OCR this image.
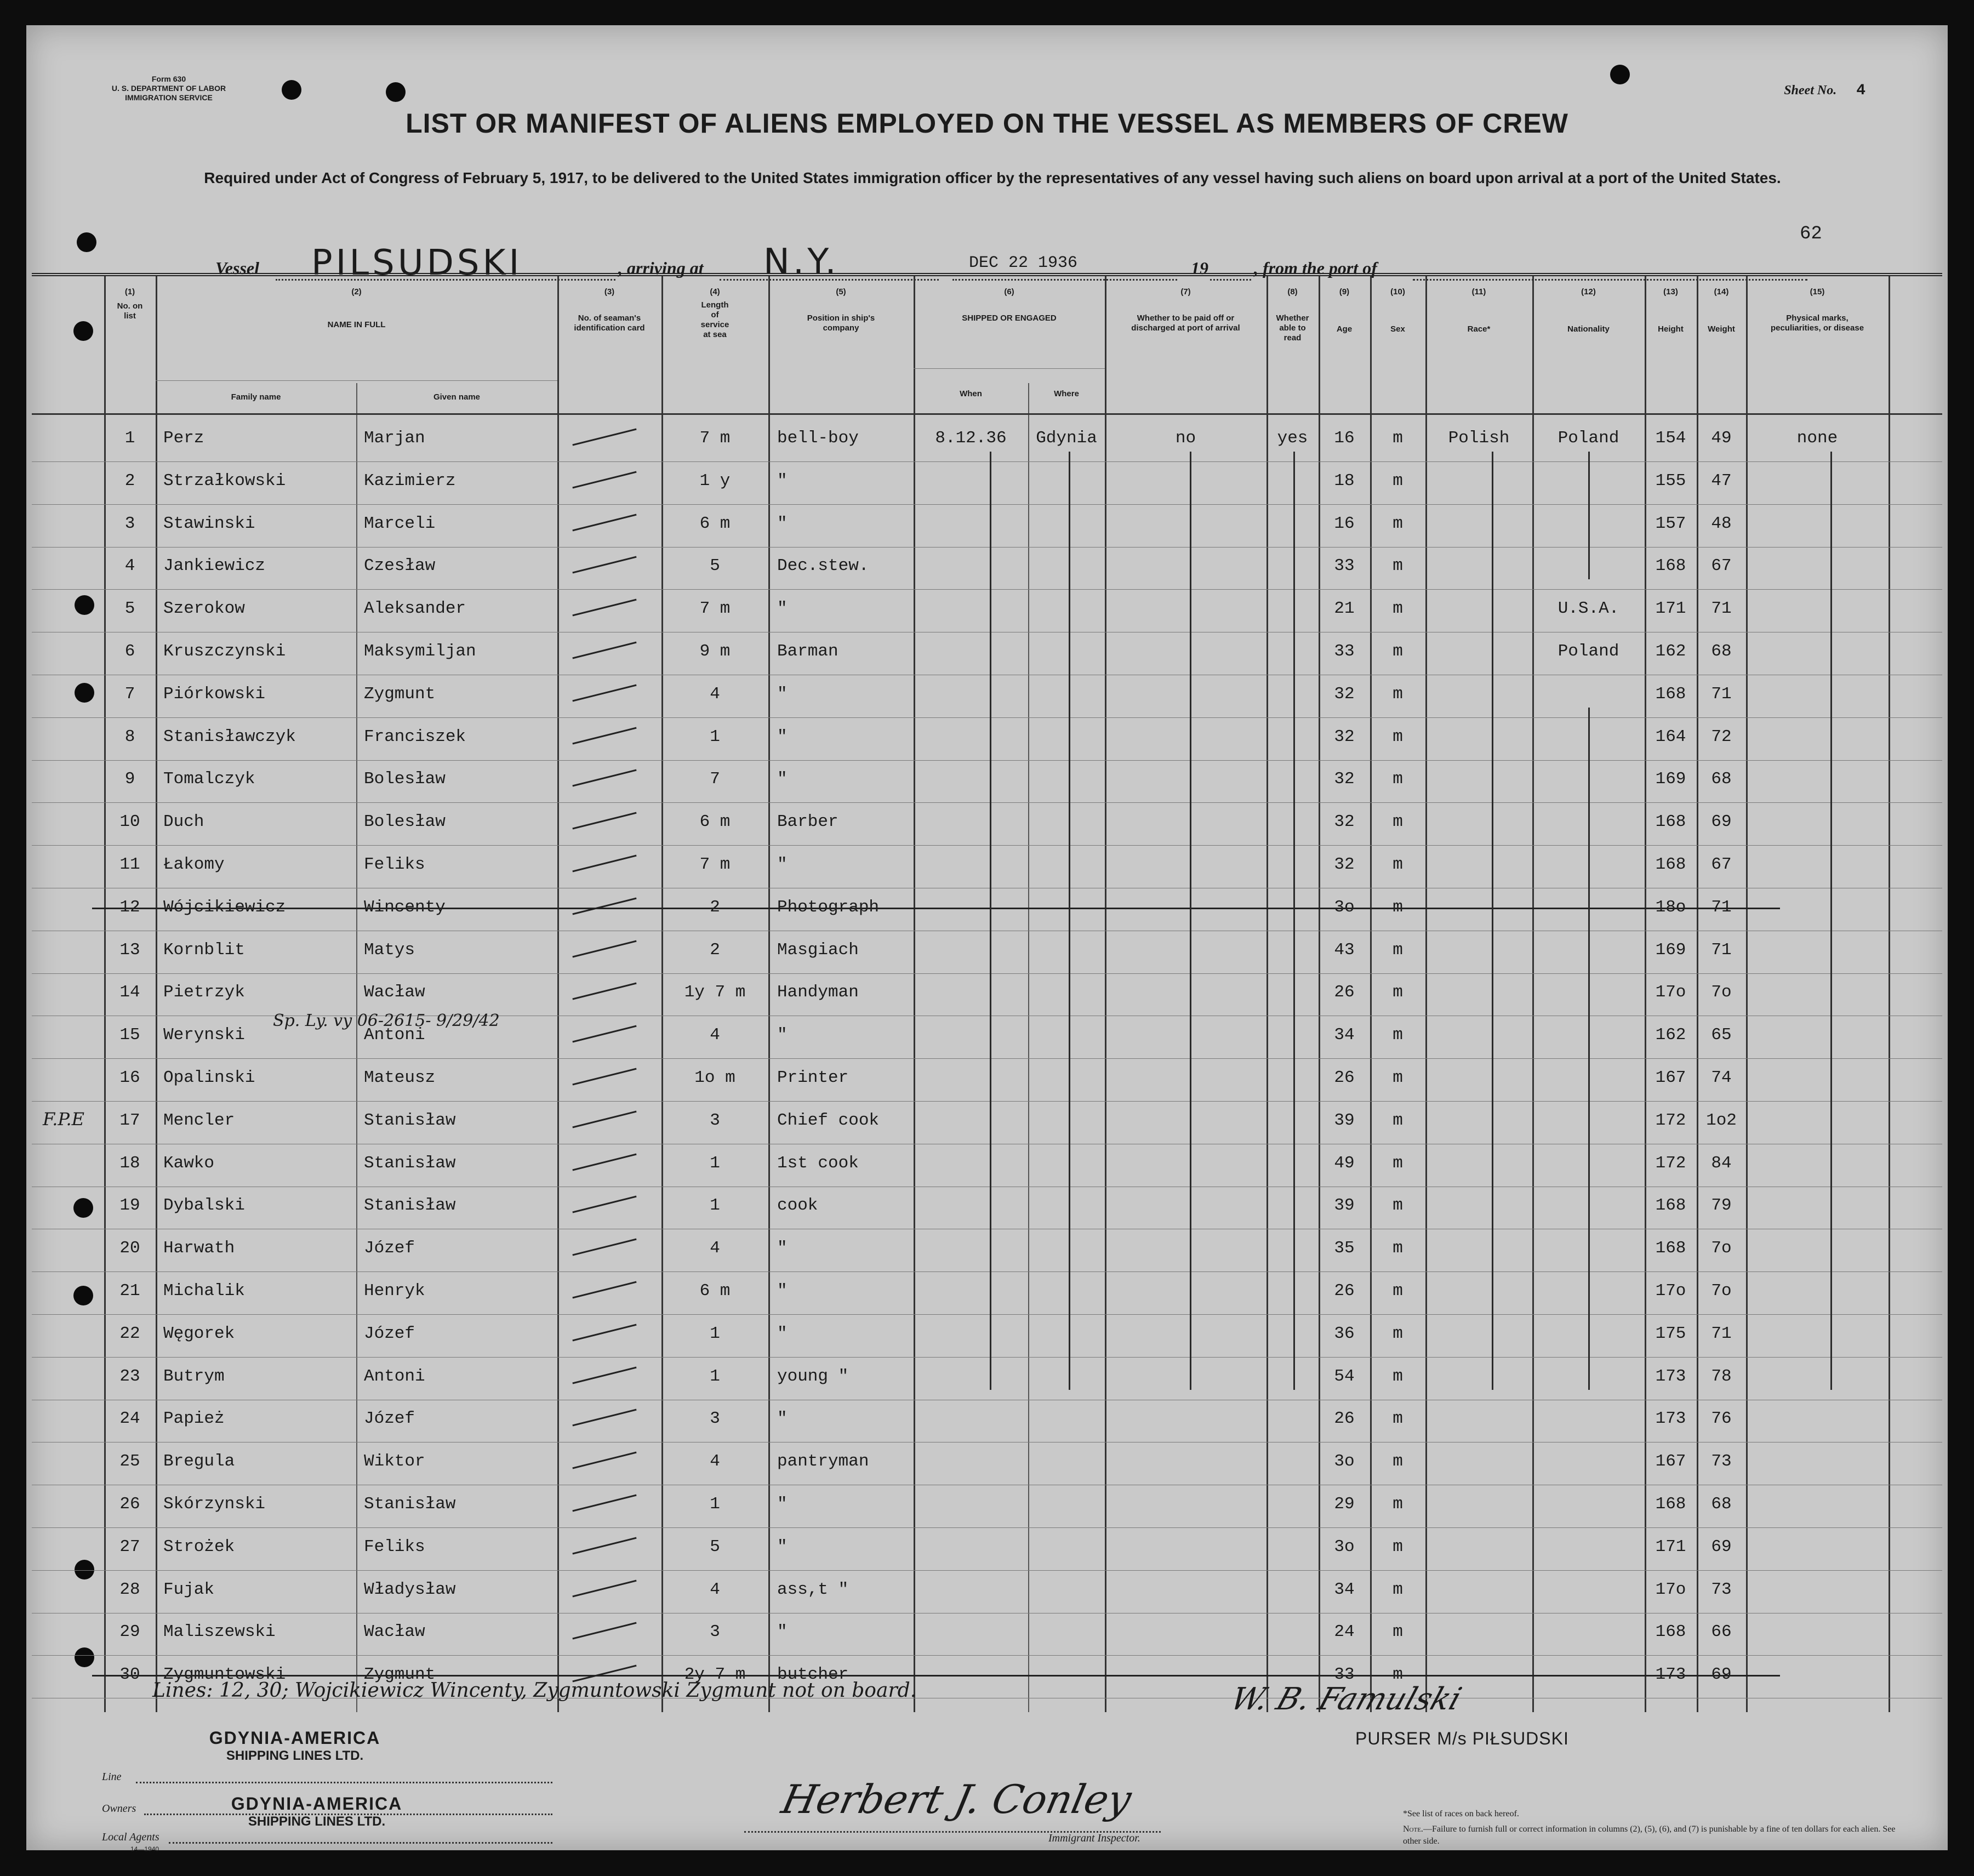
Form 630
U. S. DEPARTMENT OF LABOR
IMMIGRATION SERVICE	Sheet No. 4
LIST OR MANIFEST OF ALIENS EMPLOYED ON THE VESSEL AS MEMBERS OF CREW
Required under Act of Congress of February 5, 1917, to be delivered to the United States immigration officer by the representatives of any vessel having such aliens on board upon arrival at a port of the United States.
62
Vessel PILSUDSKI	, arriving at N.Y.	DEC 22 1936	19	, from the port of
(1)
No. on list
(2)
NAME IN FULL
Family name	Given name
(3)
No. of seaman's identification card
(4)
Length of service at sea
(5)
Position in ship's company
(6)
SHIPPED OR ENGAGED
When	Where
(7)
Whether to be paid off or discharged at port of arrival
(8)
Whether able to read
(9)
Age
(10)
Sex
(11)
Race*
(12)
Nationality
(13)
Height
(14)
Weight
(15)
Physical marks, peculiarities, or disease
1	Perz	Marjan	7 m	bell-boy	8.12.36	Gdynia	no	yes	16	m	Polish	Poland	154	49	none
2	Strzałkowski	Kazimierz	1 y	"	18	m	155	47
3	Stawinski	Marceli	6 m	"	16	m	157	48
4	Jankiewicz	Czesław	5	Dec.stew.	33	m	168	67
5	Szerokow	Aleksander	7 m	"	21	m	U.S.A.	171	71
6	Kruszczynski	Maksymiljan	9 m	Barman	33	m	Poland	162	68
7	Piórkowski	Zygmunt	4	"	32	m	168	71
8	Stanisławczyk	Franciszek	1	"	32	m	164	72
9	Tomalczyk	Bolesław	7	"	32	m	169	68
10	Duch	Bolesław	6 m	Barber	32	m	168	69
11	Łakomy	Feliks	7 m	"	32	m	168	67
12	Wójcikiewicz	Wincenty	2	Photograph	3o	m	18o	71
13	Kornblit	Matys	2	Masgiach	43	m	169	71
14	Pietrzyk	Wacław	1y 7 m	Handyman	26	m	17o	7o
15	Werynski	Antoni	4	"	34	m	162	65
Sp. Ly. vy 06-2615- 9/29/42
16	Opalinski	Mateusz	1o m	Printer	26	m	167	74
17	Mencler	Stanisław	3	Chief cook	39	m	172	1o2
F.P.E
18	Kawko	Stanisław	1	1st cook	49	m	172	84
19	Dybalski	Stanisław	1	cook	39	m	168	79
20	Harwath	Józef	4	"	35	m	168	7o
21	Michalik	Henryk	6 m	"	26	m	17o	7o
22	Węgorek	Józef	1	"	36	m	175	71
23	Butrym	Antoni	1	young "	54	m	173	78
24	Papież	Józef	3	"	26	m	173	76
25	Bregula	Wiktor	4	pantryman	3o	m	167	73
26	Skórzynski	Stanisław	1	"	29	m	168	68
27	Strożek	Feliks	5	"	3o	m	171	69
28	Fujak	Władysław	4	ass,t "	34	m	17o	73
29	Maliszewski	Wacław	3	"	24	m	168	66
30	Zygmuntowski	Zygmunt	2y 7 m	butcher	33	m	173	69
Lines: 12, 30; Wojcikiewicz Wincenty, Zygmuntowski Zygmunt not on board.	W. B. Famulski
PURSER M/s PIŁSUDSKI
GDYNIA-AMERICA
SHIPPING LINES LTD.
Line
GDYNIA-AMERICA
SHIPPING LINES LTD.
Owners
Local Agents
14—1940
Herbert J. Conley
Immigrant Inspector.
*See list of races on back hereof.
Note.—Failure to furnish full or correct information in columns (2), (5), (6), and (7) is punishable by a fine of ten dollars for each alien. See other side.
